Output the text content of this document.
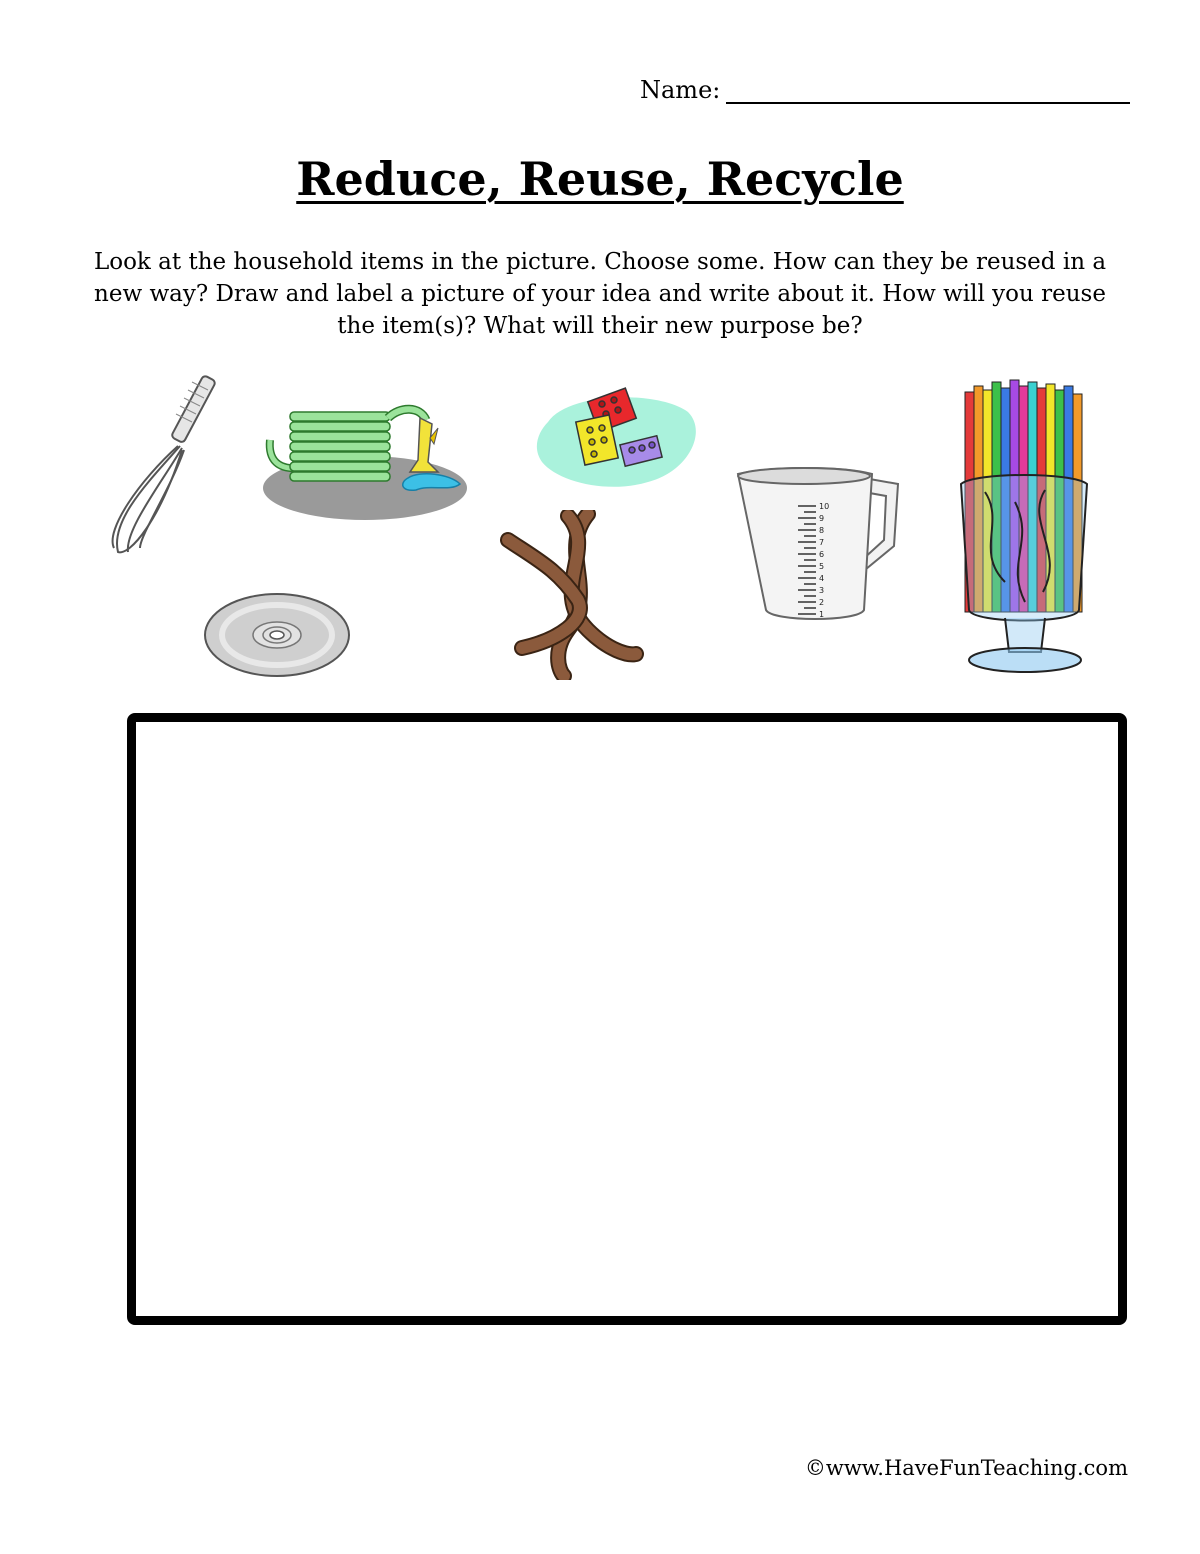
Name:
Reduce, Reuse, Recycle

Look at the household items in the picture. Choose some. How can they be reused in a new way? Draw and label a picture of your idea and write about it. How will you reuse the item(s)? What will their new purpose be?

10
9
8
7
6
5
4
3
2
1
©www.HaveFunTeaching.com
